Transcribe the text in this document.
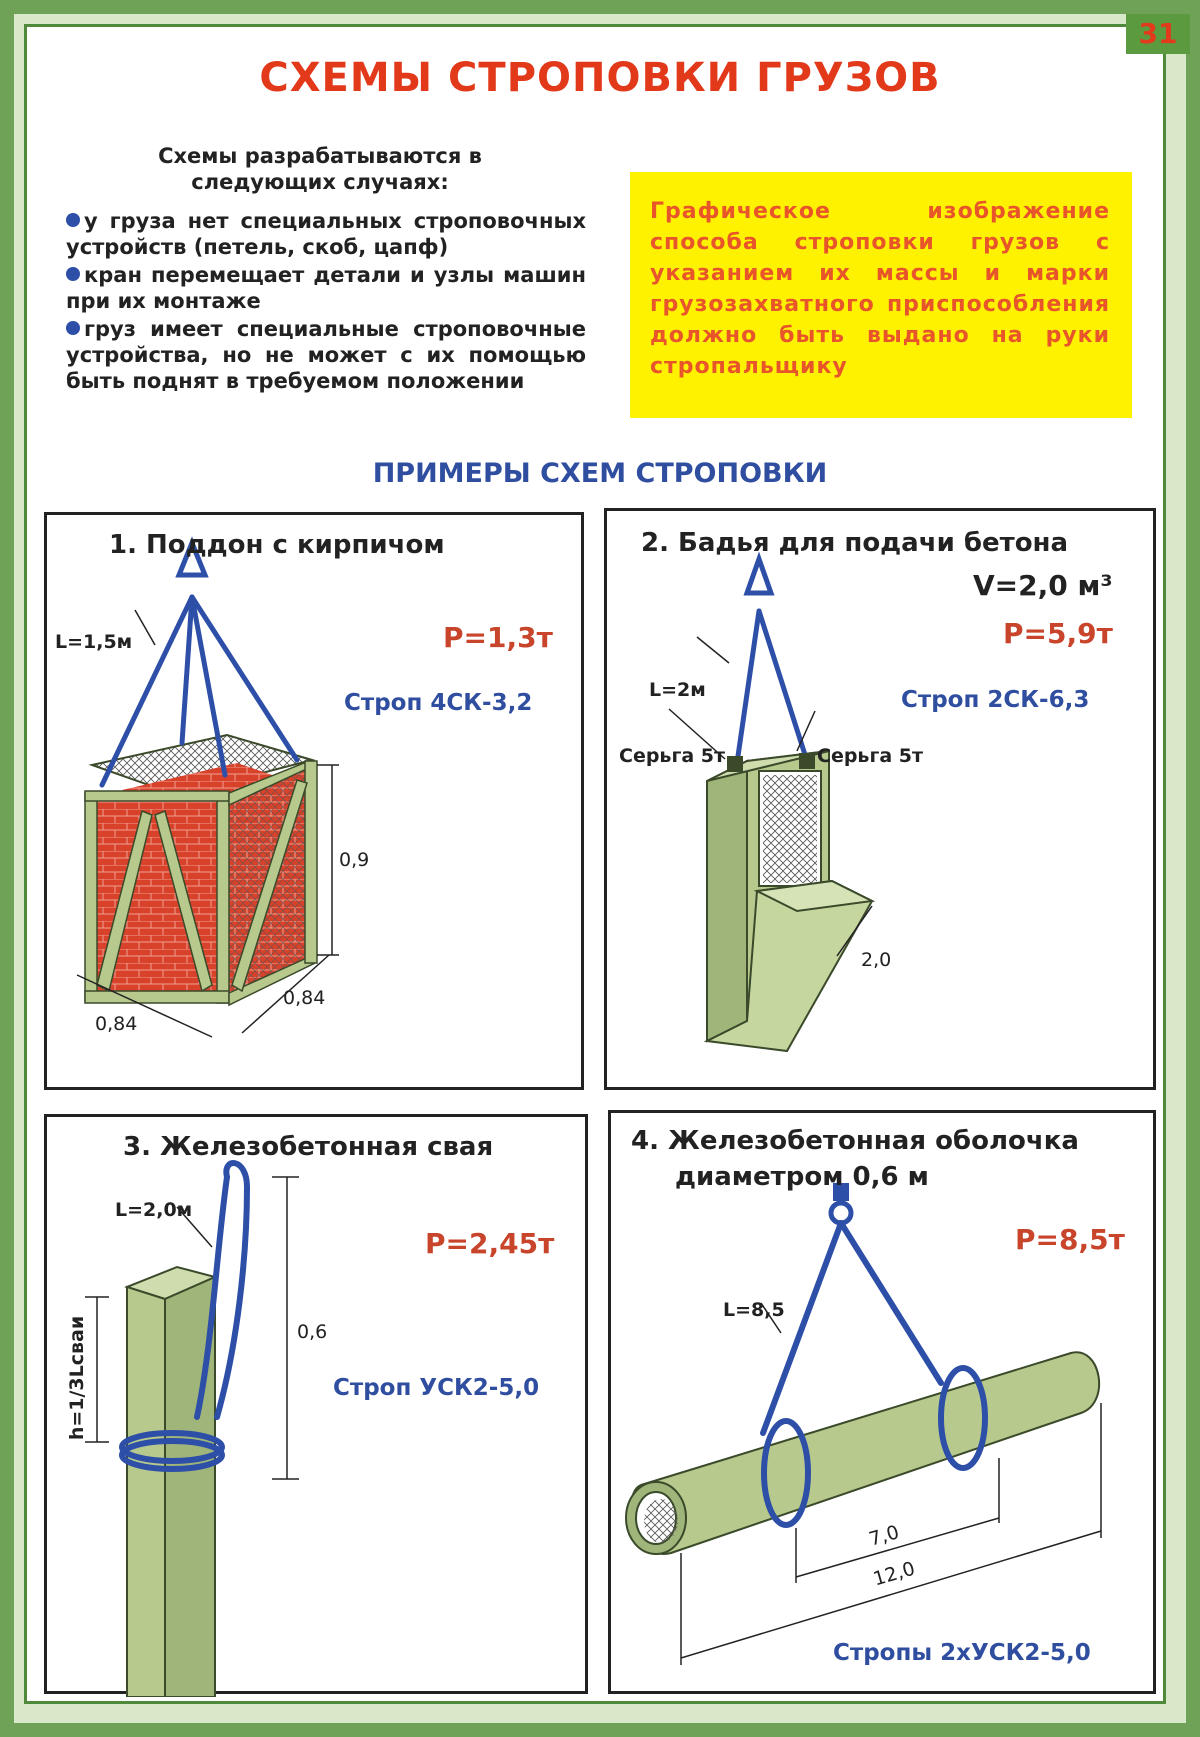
31
СХЕМЫ СТРОПОВКИ ГРУЗОВ
Схемы разрабатываются в следующих случаях:
у груза нет специальных строповочных устройств (петель, скоб, цапф)
кран перемещает детали и узлы машин при их монтаже
груз имеет специальные строповочные устройства, но не может с их помощью быть поднят в требуемом положении
Графическое изображение способа строповки грузов с указанием их массы и марки грузозахватного приспособления должно быть выдано на руки стропальщику
ПРИМЕРЫ СХЕМ СТРОПОВКИ
1. Поддон с кирпичом
P=1,3т
Строп 4СК-3,2
L=1,5м
0,9
0,84
0,84
2. Бадья для подачи бетона
V=2,0 м³
P=5,9т
Строп 2СК-6,3
L=2м
Серьга 5т	Серьга 5т
2,0
3. Железобетонная свая
P=2,45т
Строп УСК2-5,0
L=2,0м
0,6
h=1/3Lсваи
4. Железобетонная оболочка
диаметром 0,6 м
P=8,5т
Стропы 2хУСК2-5,0
L=8,5
7,0
12,0
